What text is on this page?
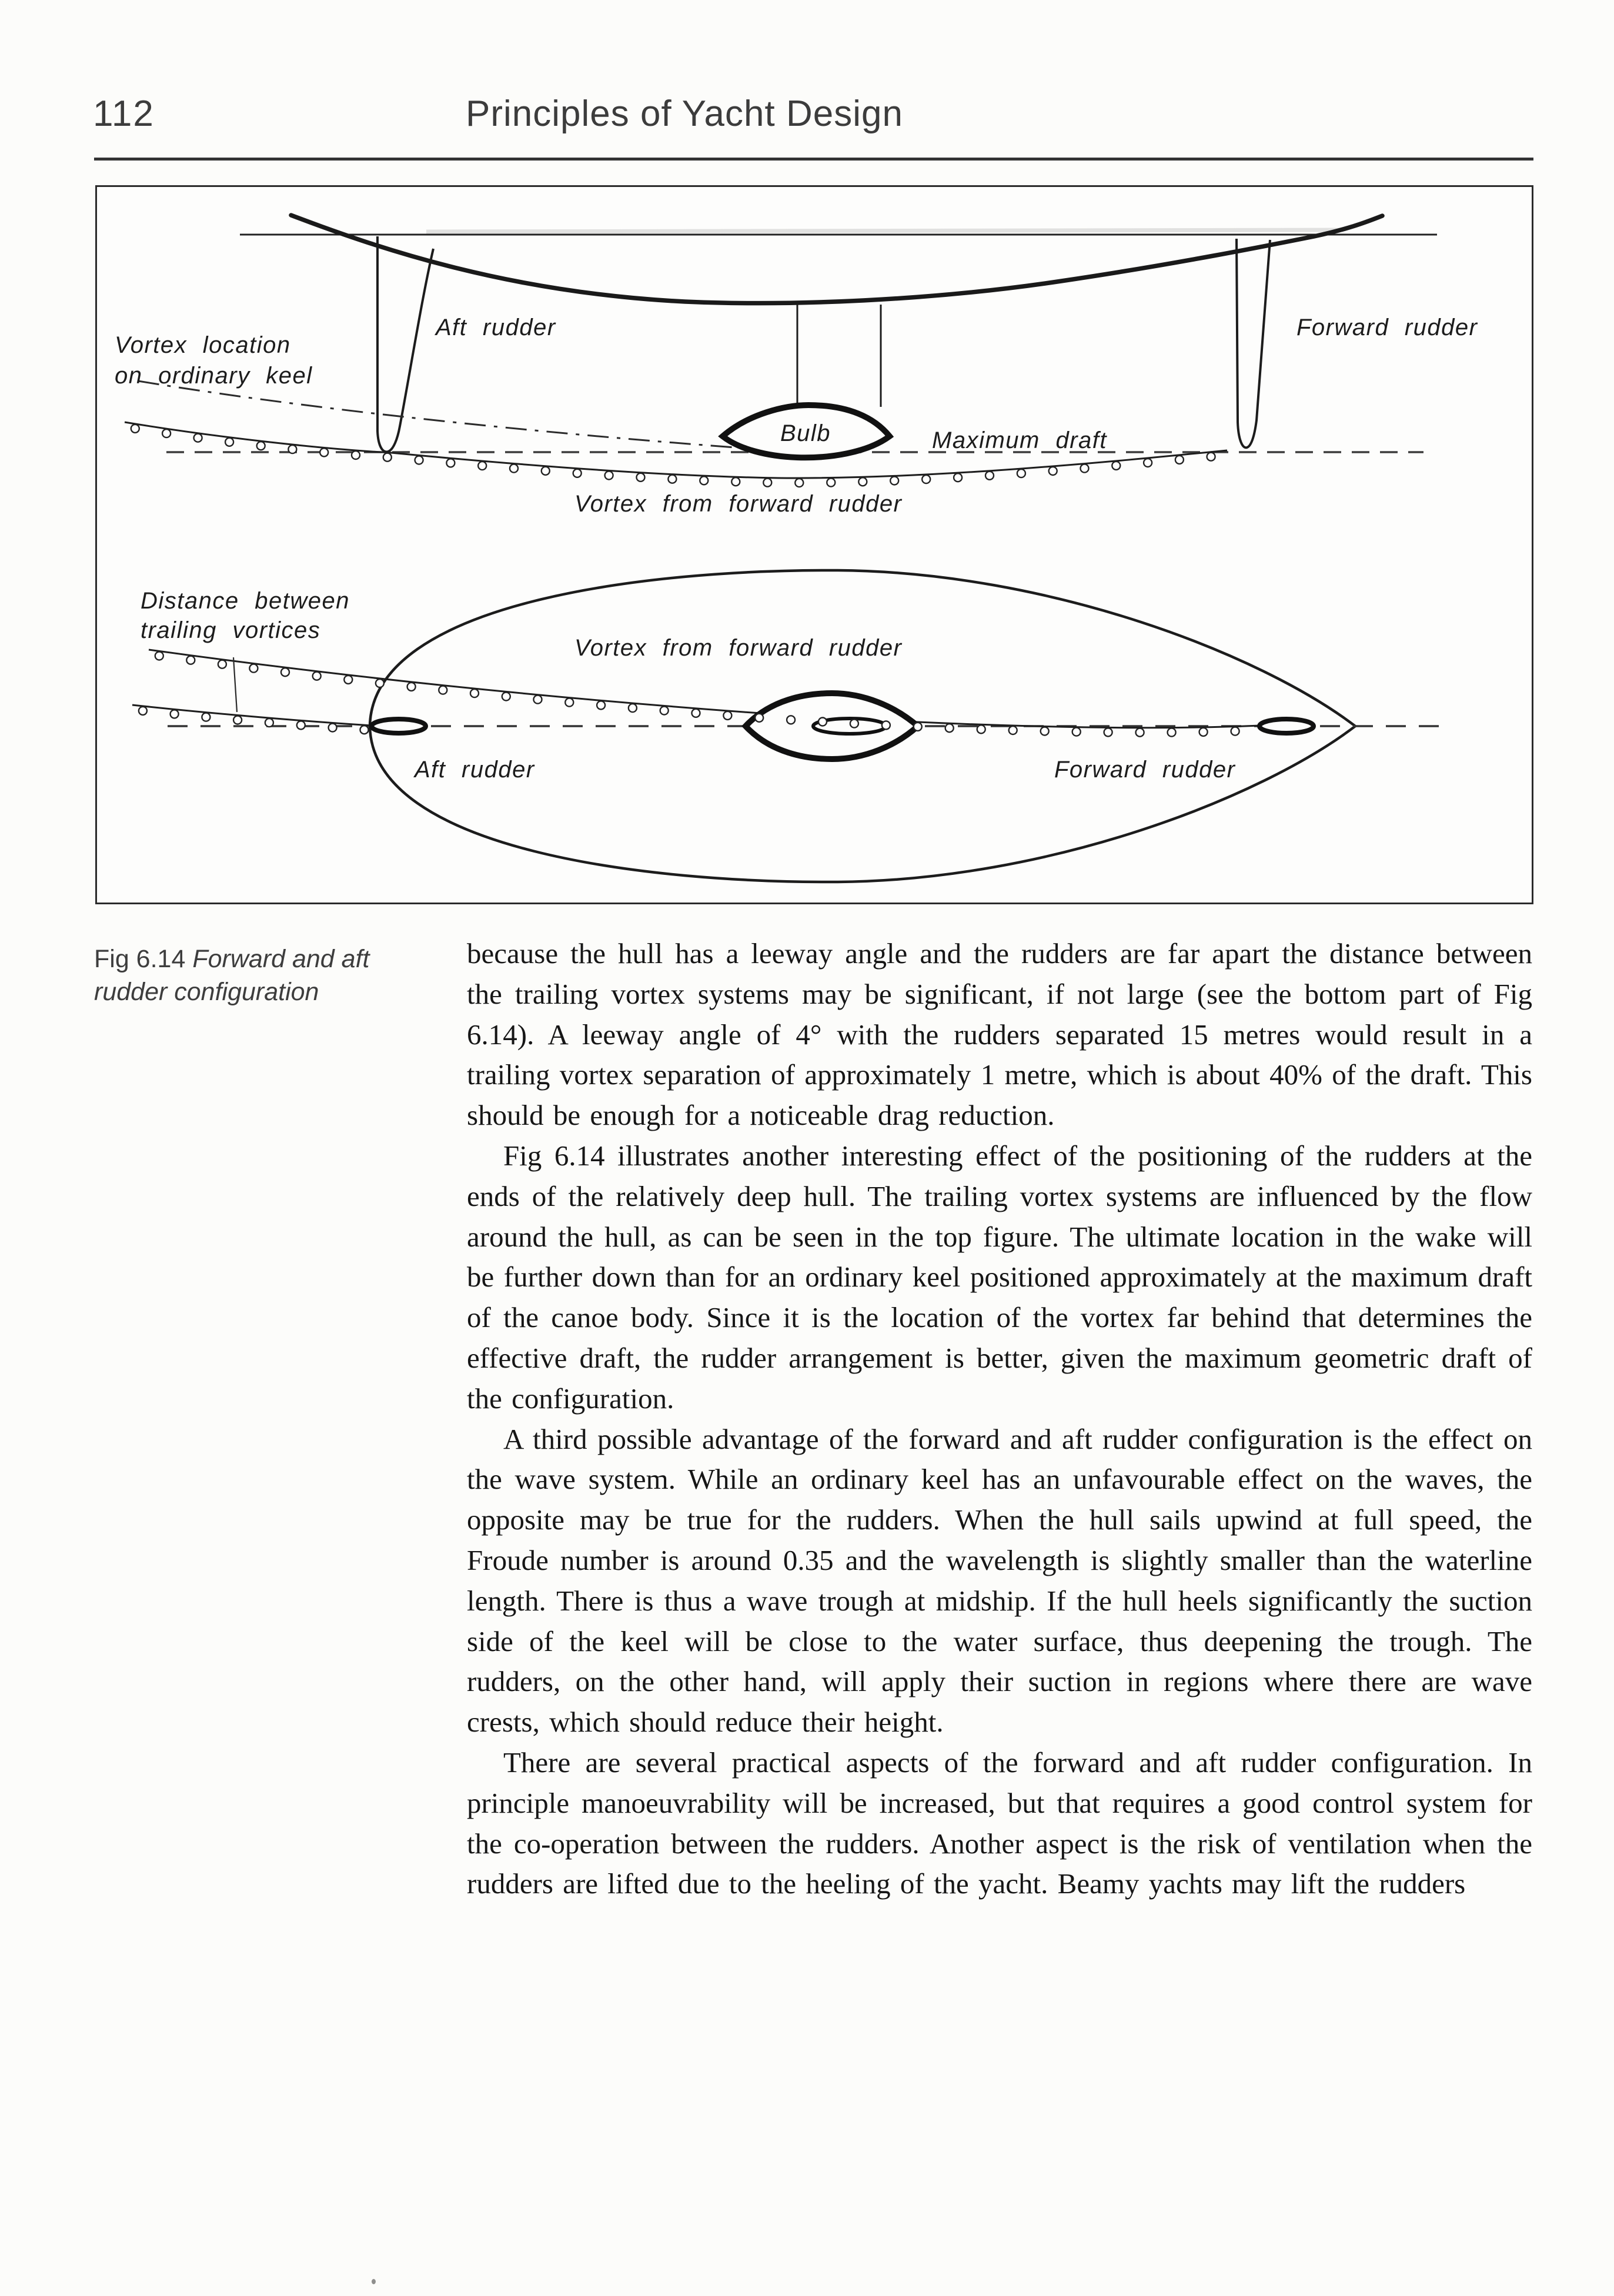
112	Principles of Yacht Design
Vortex location
on ordinary keel
Aft rudder	Forward rudder
Bulb	Maximum draft
Vortex from forward rudder
Distance between
trailing vortices
Vortex from forward rudder
Aft rudder	Forward rudder
Fig 6.14 Forward and aft rudder configuration

because the hull has a leeway angle and the rudders are far apart the distance between the trailing vortex systems may be significant, if not large (see the bottom part of Fig 6.14). A leeway angle of 4° with the rudders separated 15 metres would result in a trailing vortex separation of approximately 1 metre, which is about 40% of the draft. This should be enough for a noticeable drag reduction.

Fig 6.14 illustrates another interesting effect of the positioning of the rudders at the ends of the relatively deep hull. The trailing vortex systems are influenced by the flow around the hull, as can be seen in the top figure. The ultimate location in the wake will be further down than for an ordinary keel positioned approximately at the maximum draft of the canoe body. Since it is the location of the vortex far behind that determines the effective draft, the rudder arrangement is better, given the maximum geometric draft of the configuration.

A third possible advantage of the forward and aft rudder configuration is the effect on the wave system. While an ordinary keel has an unfavourable effect on the waves, the opposite may be true for the rudders. When the hull sails upwind at full speed, the Froude number is around 0.35 and the wavelength is slightly smaller than the waterline length. There is thus a wave trough at midship. If the hull heels significantly the suction side of the keel will be close to the water surface, thus deepening the trough. The rudders, on the other hand, will apply their suction in regions where there are wave crests, which should reduce their height.

There are several practical aspects of the forward and aft rudder configuration. In principle manoeuvrability will be increased, but that requires a good control system for the co-operation between the rudders. Another aspect is the risk of ventilation when the rudders are lifted due to the heeling of the yacht. Beamy yachts may lift the rudders
